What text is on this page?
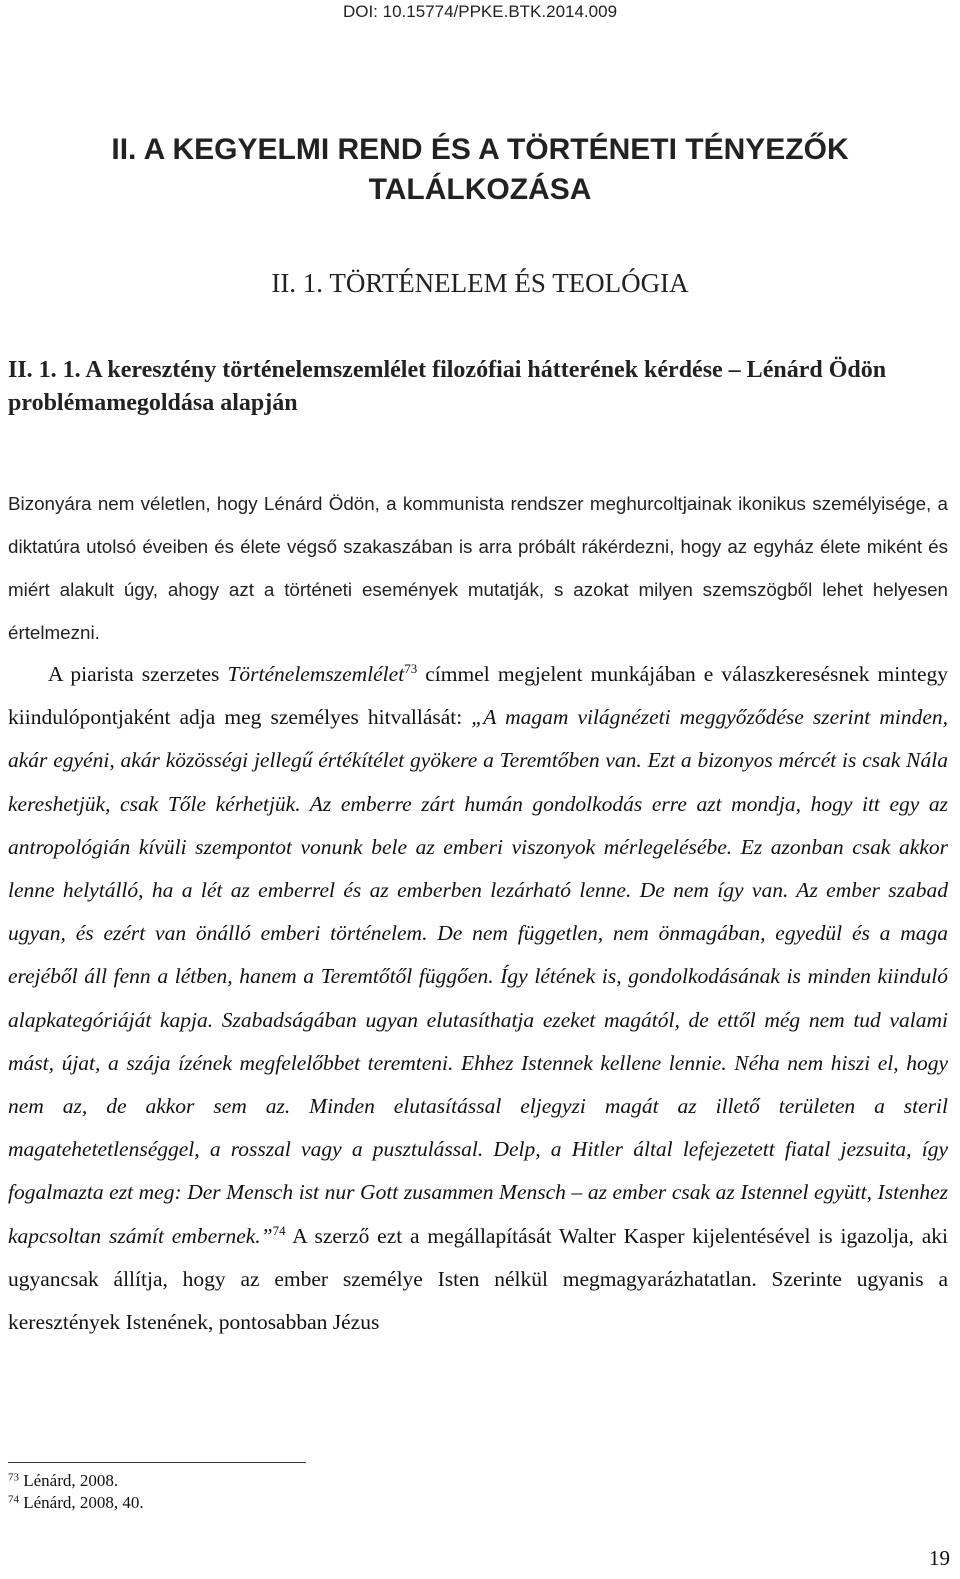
DOI: 10.15774/PPKE.BTK.2014.009
II. A KEGYELMI REND ÉS A TÖRTÉNETI TÉNYEZŐK TALÁLKOZÁSA
II. 1. TÖRTÉNELEM ÉS TEOLÓGIA
II. 1. 1. A keresztény történelemszemlélet filozófiai hátterének kérdése – Lénárd Ödön problémamegoldása alapján
Bizonyára nem véletlen, hogy Lénárd Ödön, a kommunista rendszer meghurcoltjainak ikonikus személyisége, a diktatúra utolsó éveiben és élete végső szakaszában is arra próbált rákérdezni, hogy az egyház élete miként és miért alakult úgy, ahogy azt a történeti események mutatják, s azokat milyen szemszögből lehet helyesen értelmezni.

A piarista szerzetes Történelemszemlélet$^{73}$ címmel megjelent munkájában e válaszkeresésnek mintegy kiindulópontjaként adja meg személyes hitvallását: „A magam világnézeti meggyőződése szerint minden, akár egyéni, akár közösségi jellegű értékítélet gyökere a Teremtőben van. Ezt a bizonyos mércét is csak Nála kereshetjük, csak Tőle kérhetjük. Az emberre zárt humán gondolkodás erre azt mondja, hogy itt egy az antropológián kívüli szempontot vonunk bele az emberi viszonyok mérlegelésébe. Ez azonban csak akkor lenne helytálló, ha a lét az emberrel és az emberben lezárható lenne. De nem így van. Az ember szabad ugyan, és ezért van önálló emberi történelem. De nem független, nem önmagában, egyedül és a maga erejéből áll fenn a létben, hanem a Teremtőtől függően. Így létének is, gondolkodásának is minden kiinduló alapkategóriáját kapja. Szabadságában ugyan elutasíthatja ezeket magától, de ettől még nem tud valami mást, újat, a szája ízének megfelelőbbet teremteni. Ehhez Istennek kellene lennie. Néha nem hiszi el, hogy nem az, de akkor sem az. Minden elutasítással eljegyzi magát az illető területen a steril magatehetetlenséggel, a rosszal vagy a pusztulással. Delp, a Hitler által lefejezetett fiatal jezsuita, így fogalmazta ezt meg: Der Mensch ist nur Gott zusammen Mensch – az ember csak az Istennel együtt, Istenhez kapcsoltan számít embernek.”$^{74}$ A szerző ezt a megállapítását Walter Kasper kijelentésével is igazolja, aki ugyancsak állítja, hogy az ember személye Isten nélkül megmagyarázhatatlan. Szerinte ugyanis a keresztények Istenének, pontosabban Jézus

$^{73}$ Lénárd, 2008.
$^{74}$ Lénárd, 2008, 40.
19
